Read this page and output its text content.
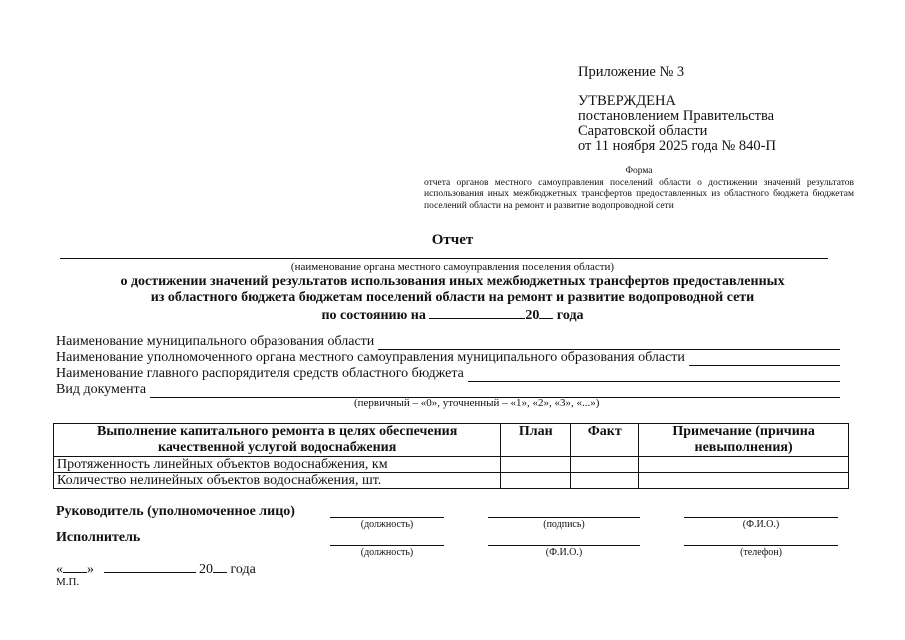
Приложение № 3
УТВЕРЖДЕНА
постановлением Правительства
Саратовской области
от 11 ноября 2025 года № 840-П
Форма
отчета органов местного самоуправления поселений области о достижении значений результатов использования иных межбюджетных трансфертов предоставленных из областного бюджета бюджетам поселений области на ремонт и развитие водопроводной сети
Отчет
(наименование органа местного самоуправления поселения области)
о достижении значений результатов использования иных межбюджетных трансфертов предоставленных
из областного бюджета бюджетам поселений области на ремонт и развитие водопроводной сети
по состоянию на	20 года
Наименование муниципального образования области
Наименование уполномоченного органа местного самоуправления муниципального образования области
Наименование главного распорядителя средств областного бюджета
Вид документа
(первичный – «0», уточненный – «1», «2», «3», «...»)
Выполнение капитального ремонта в целях обеспечения качественной услугой водоснабжения	План	Факт	Примечание (причина невыполнения)
Протяженность линейных объектов водоснабжения, км			
Количество нелинейных объектов водоснабжения, шт.			
Руководитель (уполномоченное лицо)
(должность)	(подпись)	(Ф.И.О.)
Исполнитель
(должность)	(Ф.И.О.)	(телефон)
« »	20 года
М.П.
